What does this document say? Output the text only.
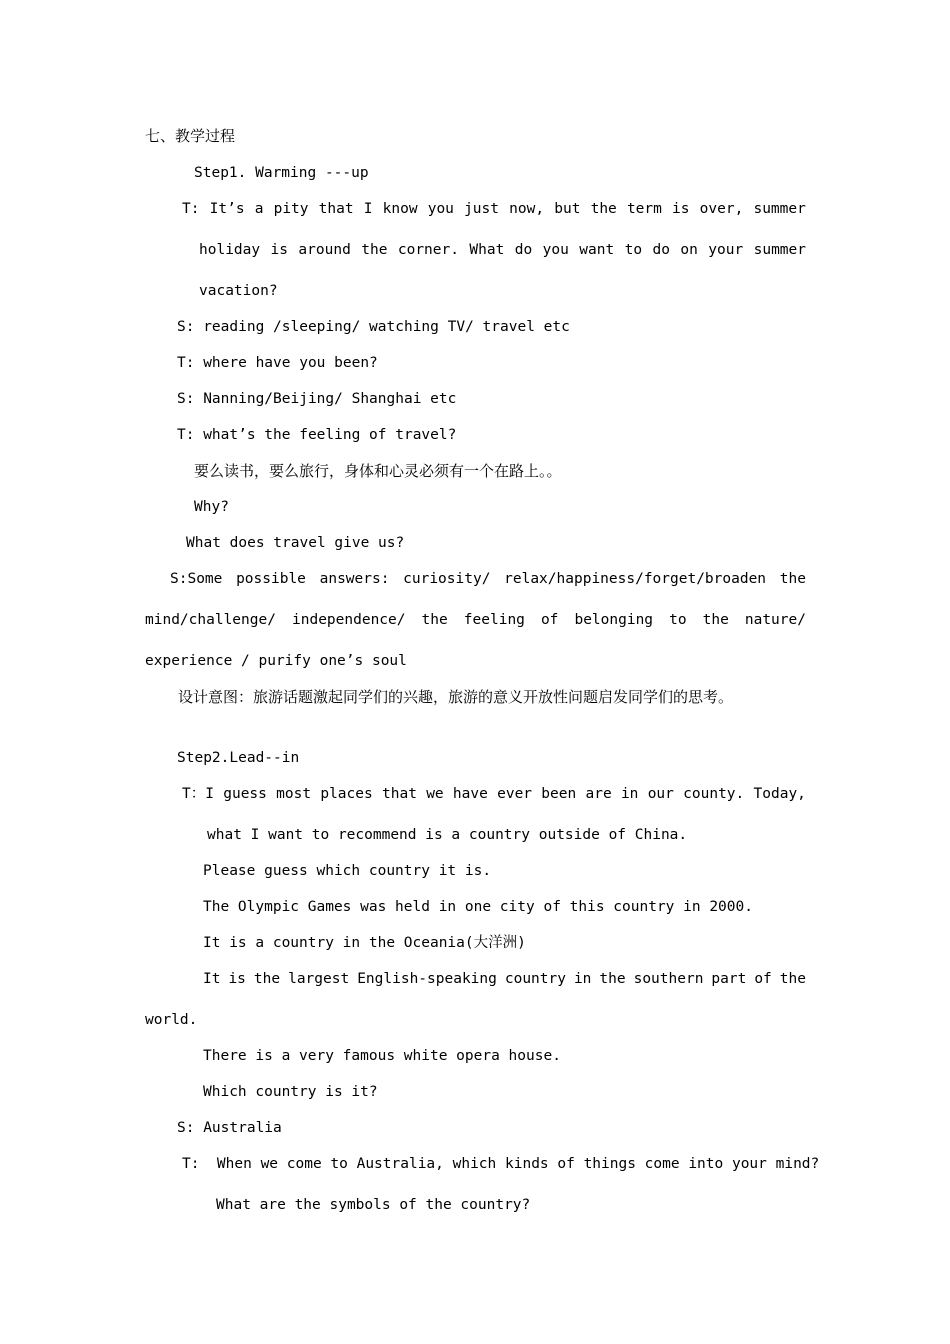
七、教学过程
Step1. Warming ---up
T: It’s a pity that I know you just now, but the term is over, summer
holiday is around the corner. What do you want to do on your summer
vacation?
S: reading /sleeping/ watching TV/ travel etc
T: where have you been?
S: Nanning/Beijing/ Shanghai etc
T: what’s the feeling of travel?
要么读书，要么旅行，身体和心灵必须有一个在路上。。
Why?
What does travel give us?
S:Some possible answers: curiosity/ relax/happiness/forget/broaden the
mind/challenge/ independence/ the feeling of belonging to the nature/
experience / purify one’s soul
设计意图：旅游话题激起同学们的兴趣，旅游的意义开放性问题启发同学们的思考。
Step2.Lead--in
T：I guess most places that we have ever been are in our county. Today,
what I want to recommend is a country outside of China.
Please guess which country it is.
The Olympic Games was held in one city of this country in 2000.
It is a country in the Oceania(大洋洲)
It is the largest English-speaking country in the southern part of the
world.
There is a very famous white opera house.
Which country is it?
S: Australia
T:  When we come to Australia, which kinds of things come into your mind?
What are the symbols of the country?
